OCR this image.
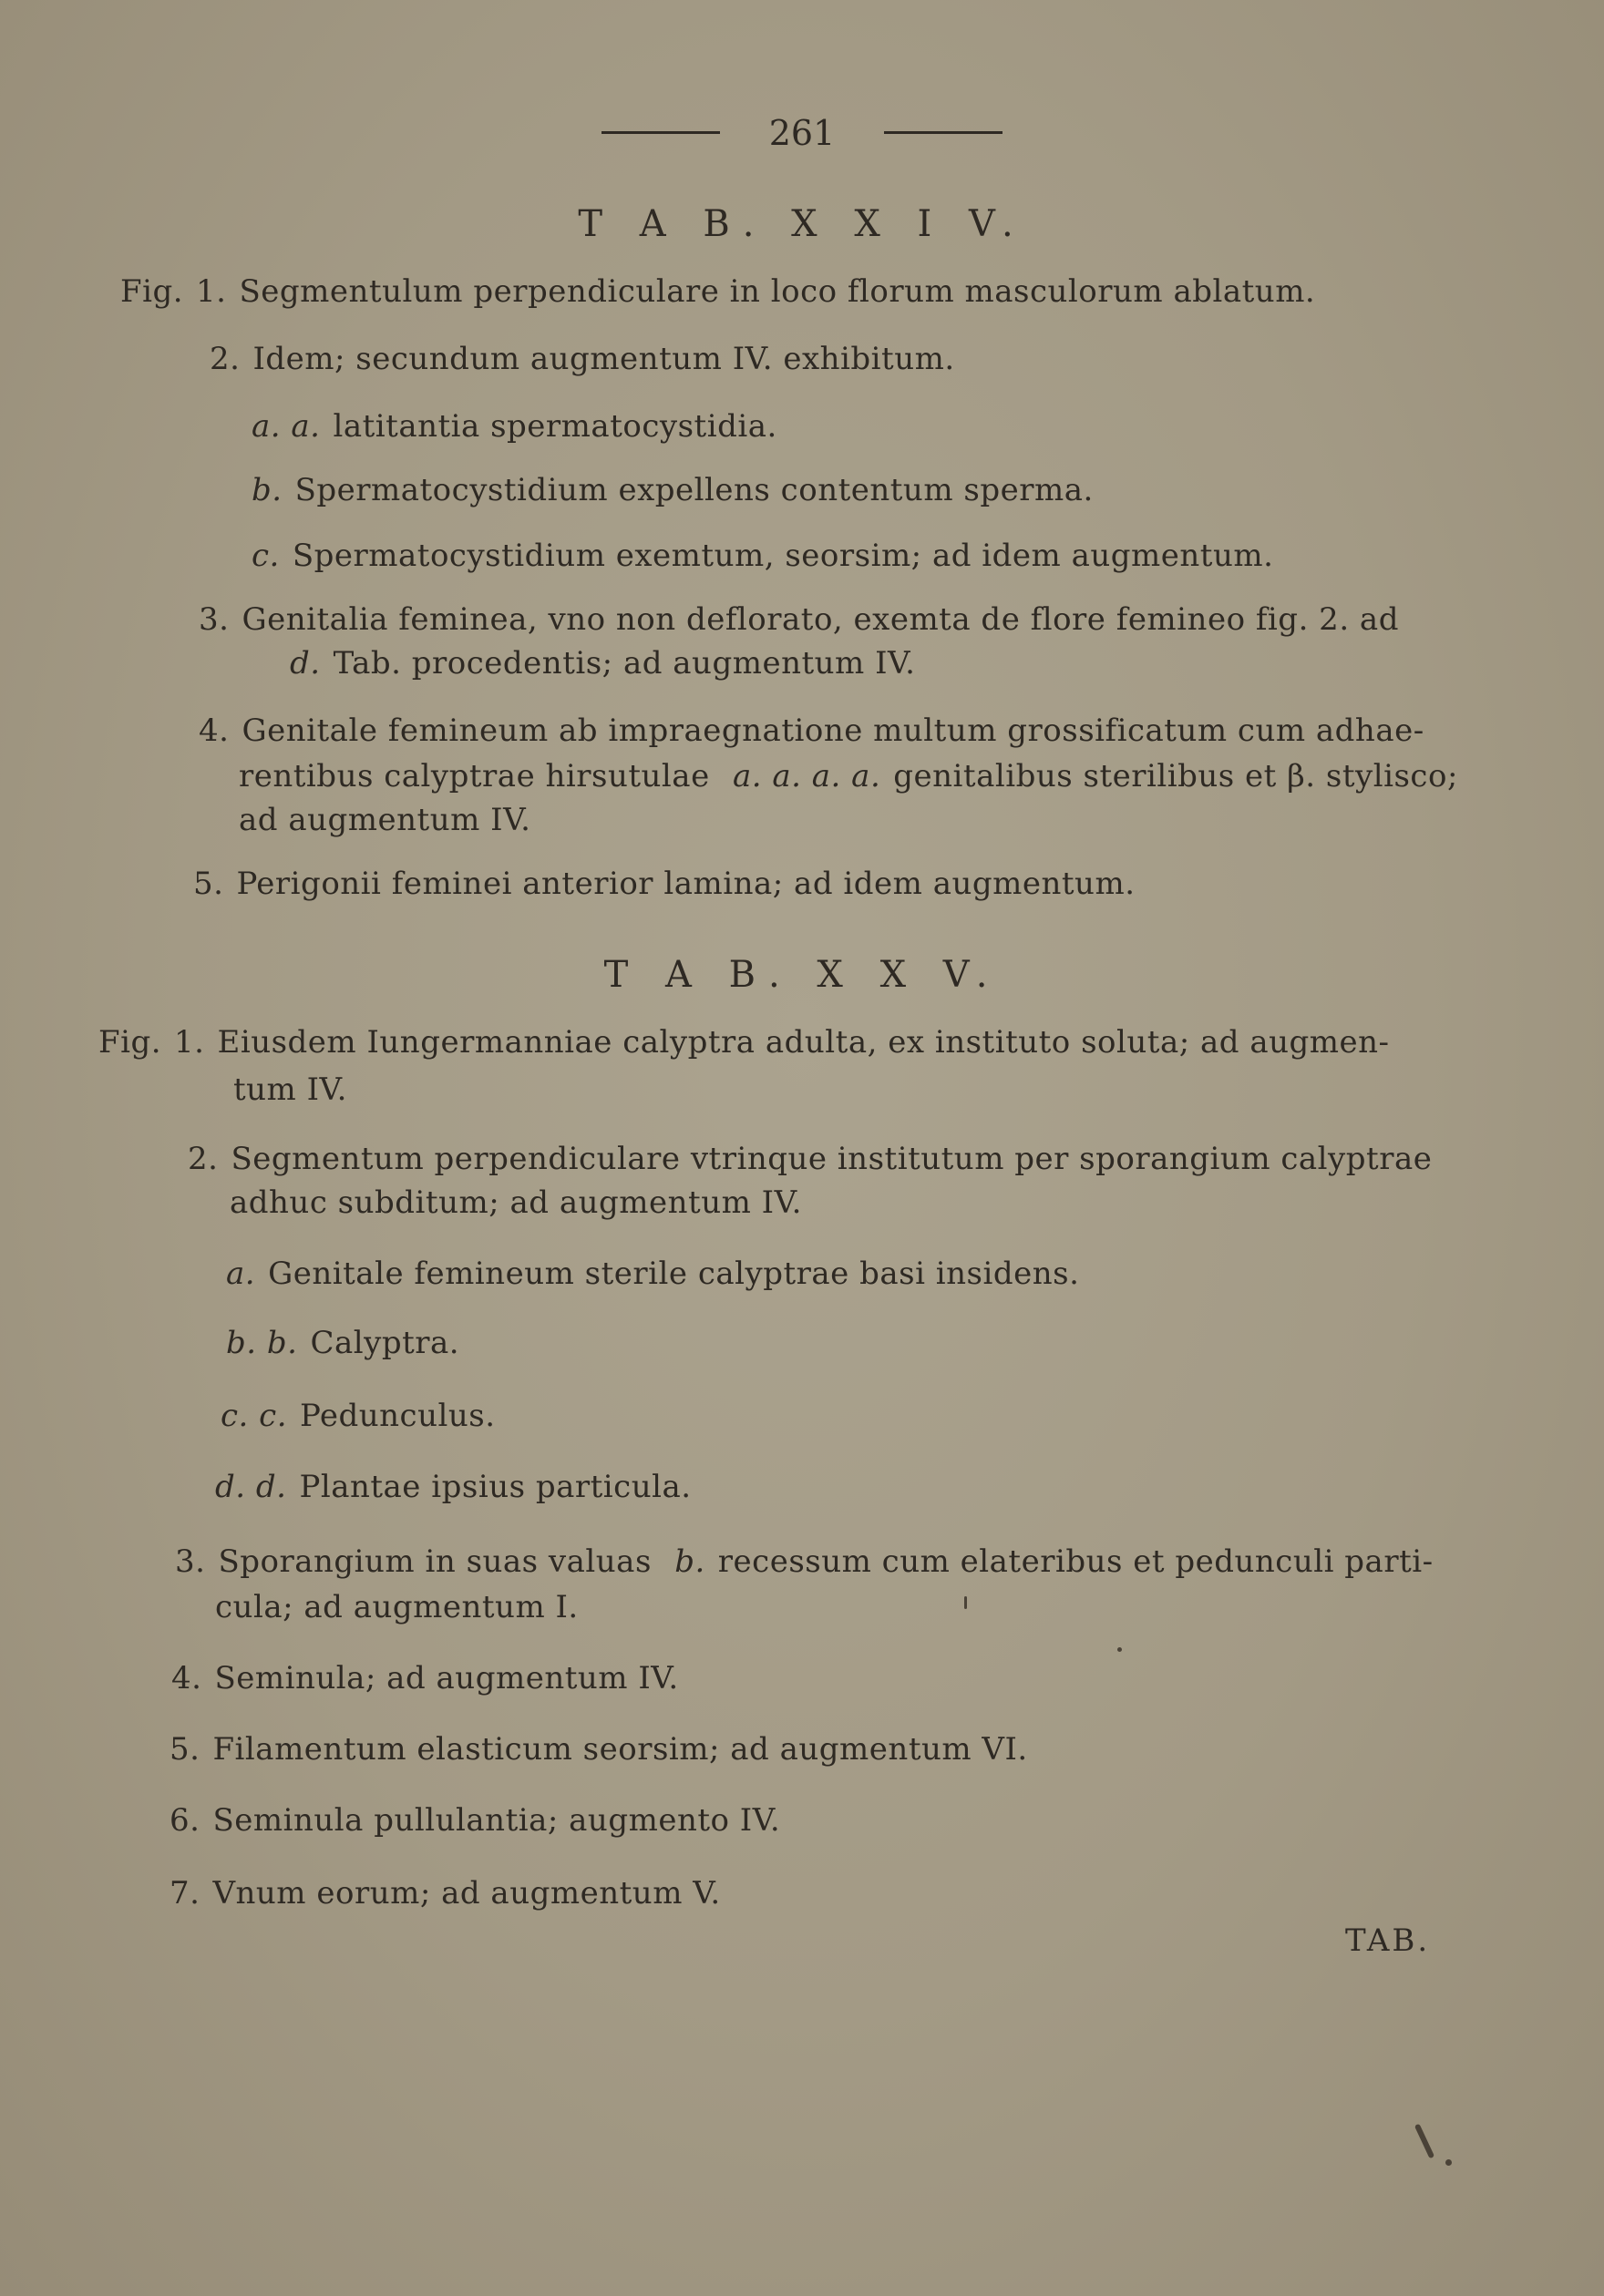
261
T A B. X X I V.
Fig. 1. Segmentulum perpendiculare in loco florum masculorum ablatum.
2. Idem; secundum augmentum IV. exhibitum.
a. a. latitantia spermatocystidia.
b. Spermatocystidium expellens contentum sperma.
c. Spermatocystidium exemtum, seorsim; ad idem augmentum.
3. Genitalia feminea, vno non deflorato, exemta de flore femineo fig. 2. ad
d. Tab. procedentis; ad augmentum IV.
4. Genitale femineum ab impraegnatione multum grossificatum cum adhae-
rentibus calyptrae hirsutulae a. a. a. a. genitalibus sterilibus et β. stylisco;
ad augmentum IV.
5. Perigonii feminei anterior lamina; ad idem augmentum.
T A B. X X V.
Fig. 1. Eiusdem Iungermanniae calyptra adulta, ex instituto soluta; ad augmen-
tum IV.
2. Segmentum perpendiculare vtrinque institutum per sporangium calyptrae
adhuc subditum; ad augmentum IV.
a. Genitale femineum sterile calyptrae basi insidens.
b. b. Calyptra.
c. c. Pedunculus.
d. d. Plantae ipsius particula.
3. Sporangium in suas valuas b. recessum cum elateribus et pedunculi parti-
cula; ad augmentum I.
4. Seminula; ad augmentum IV.
5. Filamentum elasticum seorsim; ad augmentum VI.
6. Seminula pullulantia; augmento IV.
7. Vnum eorum; ad augmentum V.
TAB.
